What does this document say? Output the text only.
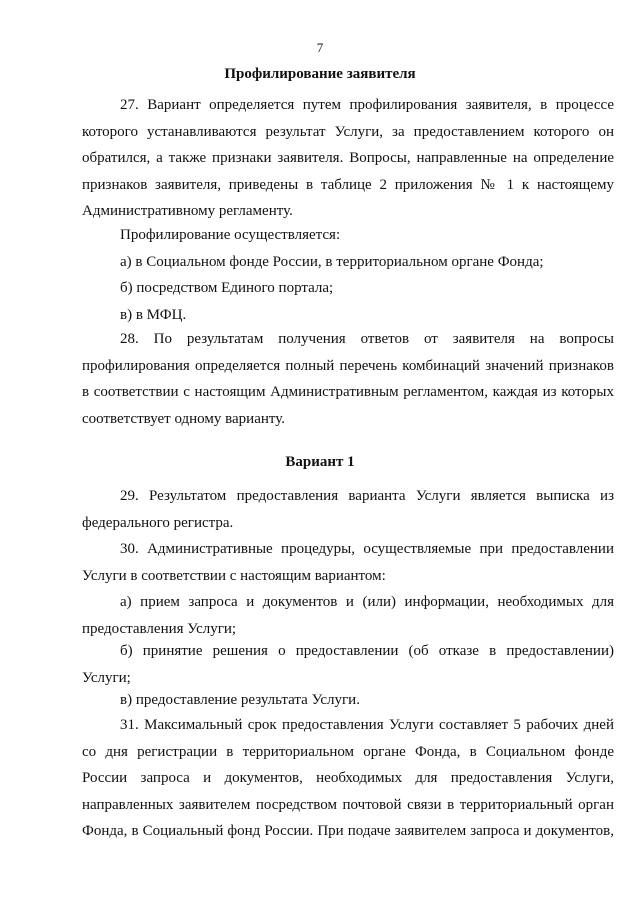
7
Профилирование заявителя
27. Вариант определяется путем профилирования заявителя, в процессе
которого устанавливаются результат Услуги, за предоставлением которого он
обратился, а также признаки заявителя. Вопросы, направленные на определение
признаков заявителя, приведены в таблице 2 приложения № 1 к настоящему
Административному регламенту.
Профилирование осуществляется:
а) в Социальном фонде России, в территориальном органе Фонда;
б) посредством Единого портала;
в) в МФЦ.
28. По результатам получения ответов от заявителя на вопросы
профилирования определяется полный перечень комбинаций значений признаков
в соответствии с настоящим Административным регламентом, каждая из которых
соответствует одному варианту.
Вариант 1
29. Результатом предоставления варианта Услуги является выписка из
федерального регистра.
30. Административные процедуры, осуществляемые при предоставлении
Услуги в соответствии с настоящим вариантом:
а) прием запроса и документов и (или) информации, необходимых для
предоставления Услуги;
б) принятие решения о предоставлении (об отказе в предоставлении)
Услуги;
в) предоставление результата Услуги.
31. Максимальный срок предоставления Услуги составляет 5 рабочих дней
со дня регистрации в территориальном органе Фонда, в Социальном фонде
России запроса и документов, необходимых для предоставления Услуги,
направленных заявителем посредством почтовой связи в территориальный орган
Фонда, в Социальный фонд России. При подаче заявителем запроса и документов,
